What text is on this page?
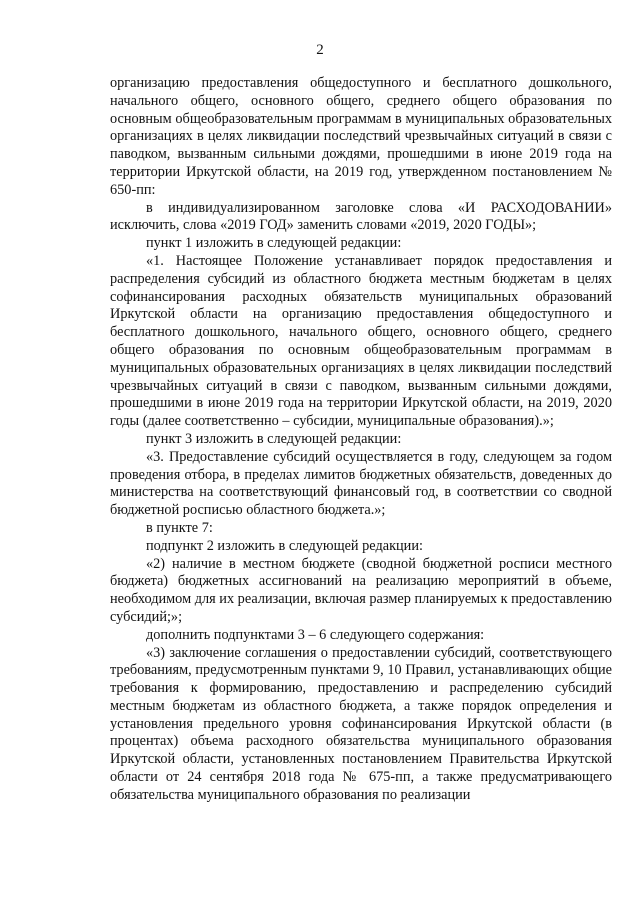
2

организацию предоставления общедоступного и бесплатного дошкольного, начального общего, основного общего, среднего общего образования по основным общеобразовательным программам в муниципальных образовательных организациях в целях ликвидации последствий чрезвычайных ситуаций в связи с паводком, вызванным сильными дождями, прошедшими в июне 2019 года на территории Иркутской области, на 2019 год, утвержденном постановлением № 650-пп:

в индивидуализированном заголовке слова «И РАСХОДОВАНИИ» исключить, слова «2019 ГОД» заменить словами «2019, 2020 ГОДЫ»;

пункт 1 изложить в следующей редакции:

«1. Настоящее Положение устанавливает порядок предоставления и распределения субсидий из областного бюджета местным бюджетам в целях софинансирования расходных обязательств муниципальных образований Иркутской области на организацию предоставления общедоступного и бесплатного дошкольного, начального общего, основного общего, среднего общего образования по основным общеобразовательным программам в муниципальных образовательных организациях в целях ликвидации последствий чрезвычайных ситуаций в связи с паводком, вызванным сильными дождями, прошедшими в июне 2019 года на территории Иркутской области, на 2019, 2020 годы (далее соответственно – субсидии, муниципальные образования).»;

пункт 3 изложить в следующей редакции:

«3. Предоставление субсидий осуществляется в году, следующем за годом проведения отбора, в пределах лимитов бюджетных обязательств, доведенных до министерства на соответствующий финансовый год, в соответствии со сводной бюджетной росписью областного бюджета.»;

в пункте 7:

подпункт 2 изложить в следующей редакции:

«2) наличие в местном бюджете (сводной бюджетной росписи местного бюджета) бюджетных ассигнований на реализацию мероприятий в объеме, необходимом для их реализации, включая размер планируемых к предоставлению субсидий;»;

дополнить подпунктами 3 – 6 следующего содержания:

«3) заключение соглашения о предоставлении субсидий, соответствующего требованиям, предусмотренным пунктами 9, 10 Правил, устанавливающих общие требования к формированию, предоставлению и распределению субсидий местным бюджетам из областного бюджета, а также порядок определения и установления предельного уровня софинансирования Иркутской области (в процентах) объема расходного обязательства муниципального образования Иркутской области, установленных постановлением Правительства Иркутской области от 24 сентября 2018 года № 675-пп, а также предусматривающего обязательства муниципального образования по реализации
